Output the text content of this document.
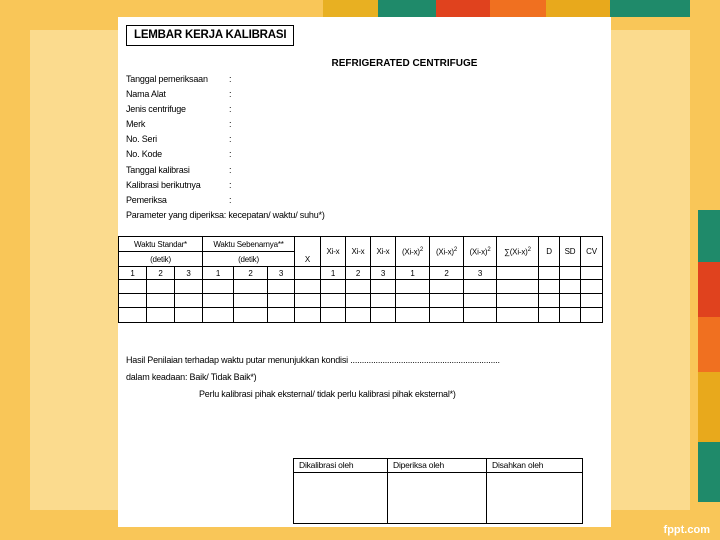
LEMBAR KERJA KALIBRASI
REFRIGERATED CENTRIFUGE
Tanggal pemeriksaan :
Nama Alat	:
Jenis centrifuge	:
Merk	:
No. Seri	:
No. Kode	:
Tanggal kalibrasi	:
Kalibrasi berikutnya	:
Pemeriksa	:
Parameter yang diperiksa: kecepatan/ waktu/ suhu*)
Waktu Standar*			Waktu Sebenarnya**			X	Xi-x	Xi-x	Xi-x	$(Xi-x)^2$	$(Xi-x)^2$	$(Xi-x)^2$	$\sum(Xi-x)^2$	D	SD	CV
(detik)			(detik)													
1	2	3	1	2	3		1	2	3	1	2	3				

Hasil Penilaian terhadap waktu putar menunjukkan kondisi .................................................................
dalam keadaan: Baik/ Tidak Baik*)
Perlu kalibrasi pihak eksternal/ tidak perlu kalibrasi pihak eksternal*)
Dikalibrasi oleh	Diperiksa oleh	Disahkan oleh

fppt.com
